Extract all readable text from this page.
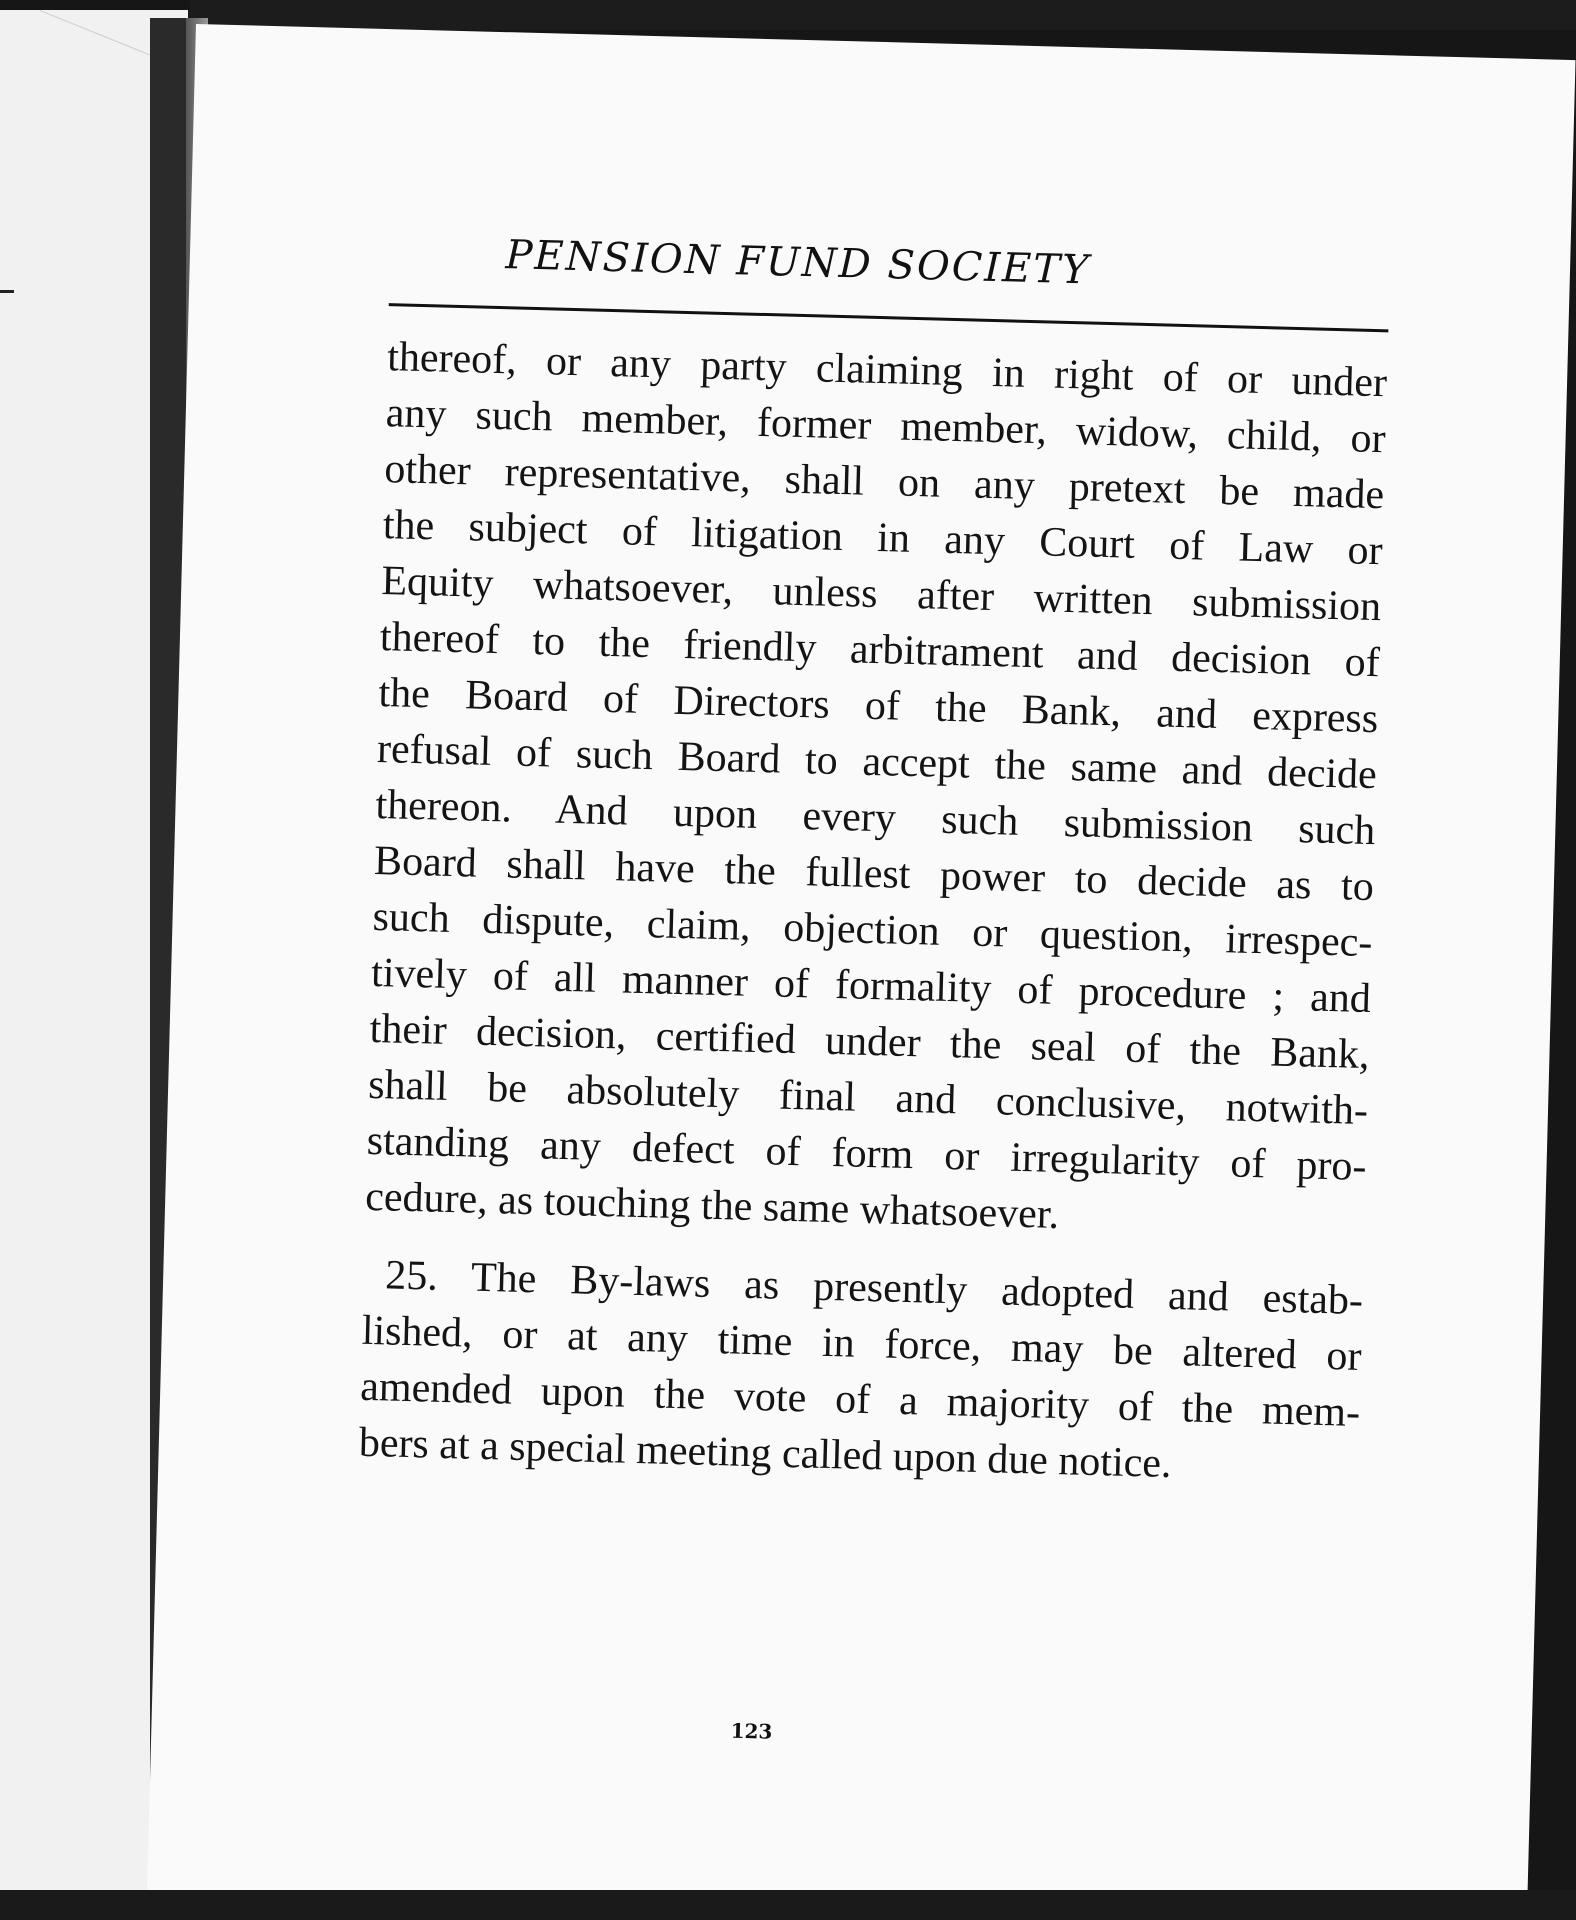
PENSION FUND SOCIETY
thereof, or any party claiming in right of or under
any such member, former member, widow, child, or
other representative, shall on any pretext be made
the subject of litigation in any Court of Law or
Equity whatsoever, unless after written submission
thereof to the friendly arbitrament and decision of
the Board of Directors of the Bank, and express
refusal of such Board to accept the same and decide
thereon. And upon every such submission such
Board shall have the fullest power to decide as to
such dispute, claim, objection or question, irrespec-
tively of all manner of formality of procedure ; and
their decision, certified under the seal of the Bank,
shall be absolutely final and conclusive, notwith-
standing any defect of form or irregularity of pro-
cedure, as touching the same whatsoever.
25. The By-laws as presently adopted and estab-
lished, or at any time in force, may be altered or
amended upon the vote of a majority of the mem-
bers at a special meeting called upon due notice.
123
